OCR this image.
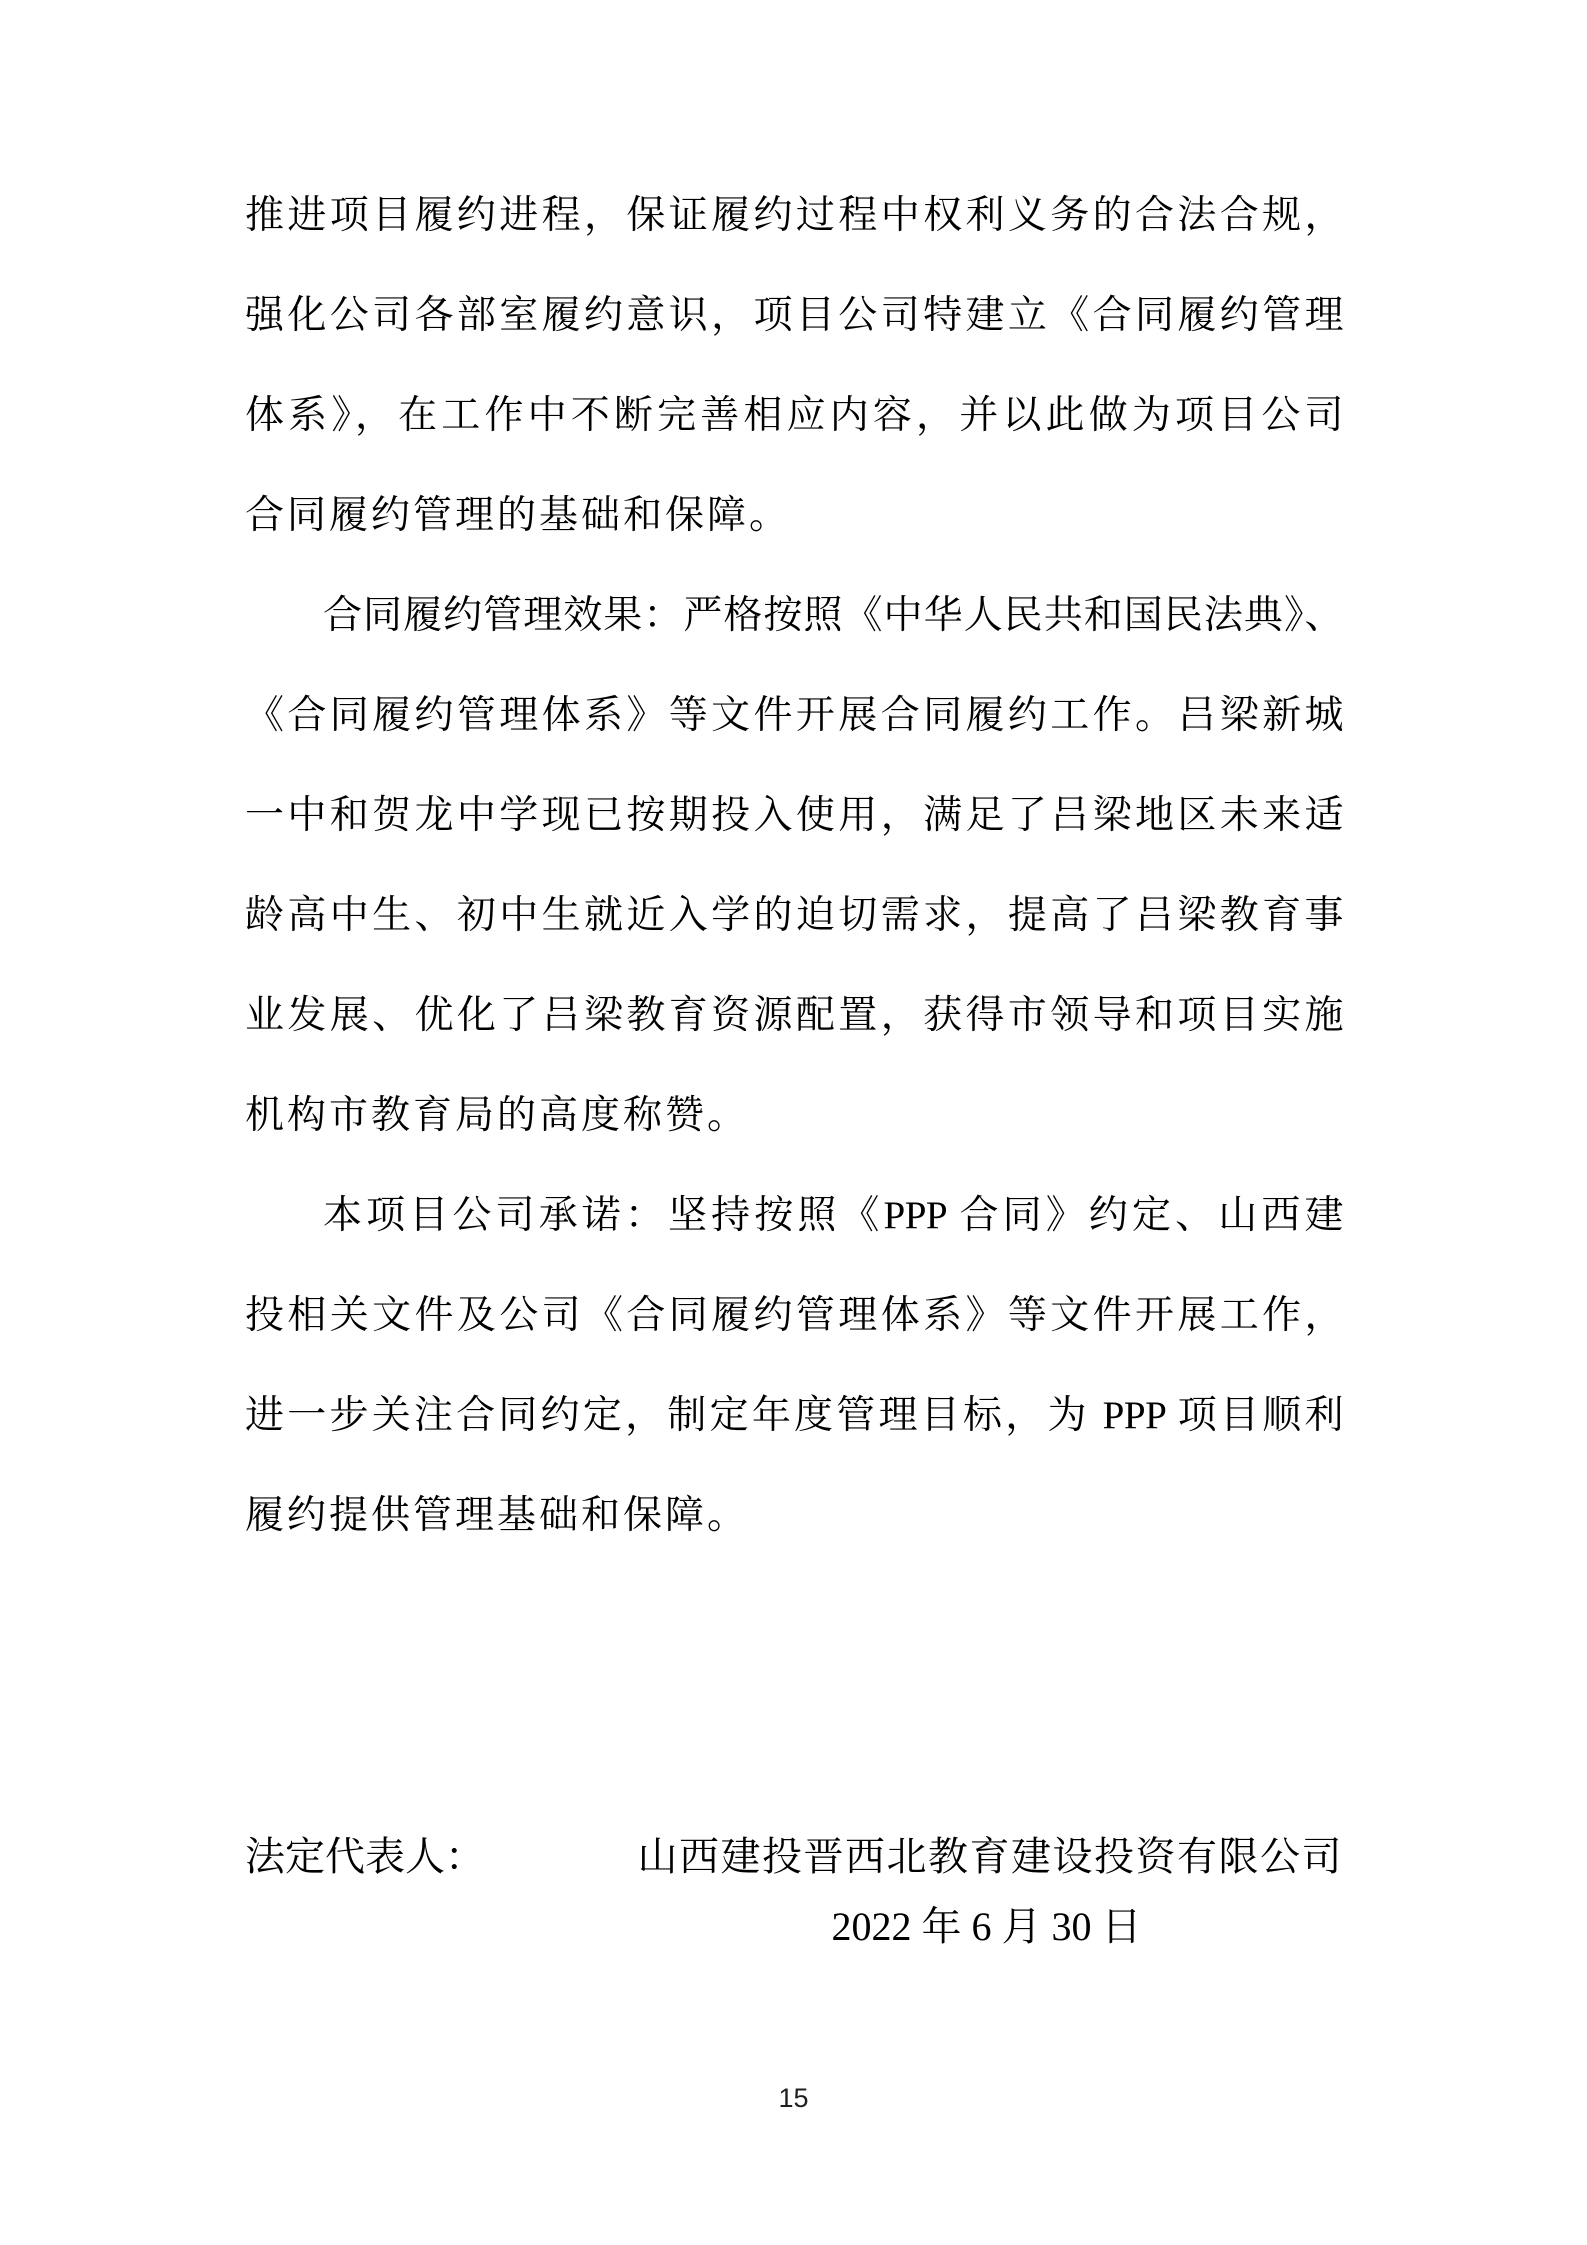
推进项目履约进程，保证履约过程中权利义务的合法合规，
强化公司各部室履约意识，项目公司特建立《合同履约管理
体系》，在工作中不断完善相应内容，并以此做为项目公司
合同履约管理的基础和保障。
合同履约管理效果：严格按照《中华人民共和国民法典》、
《合同履约管理体系》等文件开展合同履约工作。吕梁新城
一中和贺龙中学现已按期投入使用，满足了吕梁地区未来适
龄高中生、初中生就近入学的迫切需求，提高了吕梁教育事
业发展、优化了吕梁教育资源配置，获得市领导和项目实施
机构市教育局的高度称赞。
本项目公司承诺：坚持按照《PPP 合同》约定、山西建
投相关文件及公司《合同履约管理体系》等文件开展工作，
进一步关注合同约定，制定年度管理目标，为 PPP 项目顺利
履约提供管理基础和保障。
法定代表人：	山西建投晋西北教育建设投资有限公司
2022 年 6 月 30 日
15
